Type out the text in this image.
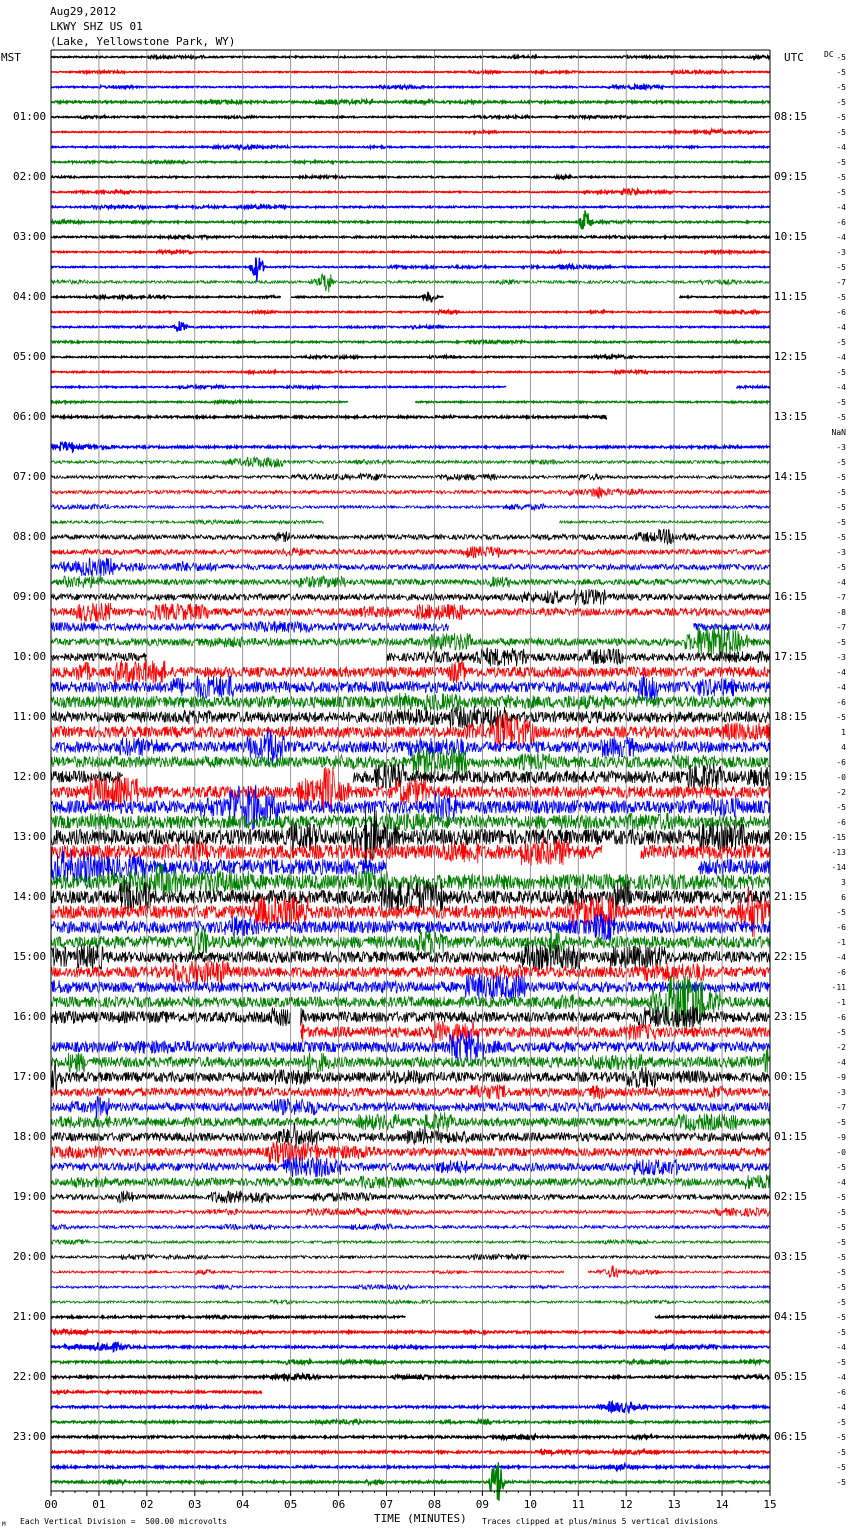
Aug29,2012
LKWY SHZ US 01
(Lake, Yellowstone Park, WY)
MST	UTC	DC
01:00
02:00
03:00
04:00
05:00
06:00
07:00
08:00
09:00
10:00
11:00
12:00
13:00
14:00
15:00
16:00
17:00
18:00
19:00
20:00
21:00
22:00
23:00
08:15
09:15
10:15
11:15
12:15
13:15
14:15
15:15
16:15
17:15
18:15
19:15
20:15
21:15
22:15
23:15
00:15
01:15
02:15
03:15
04:15
05:15
06:15
-5
-5
-5
-5
-5
-5
-4
-5
-5
-5
-4
-6
-4
-3
-5
-7
-5
-6
-4
-5
-4
-5
-4
-5
-5
NaN
-3
-5
-5
-5
-5
-5
-5
-3
-5
-4
-7
-8
-7
-5
-3
-4
-4
-6
-5
1
4
-6
-0
-2
-5
-6
-15
-13
-14
3
6
-5
-6
-1
-4
-6
-11
-1
-6
-5
-2
-4
-9
-3
-7
-5
-9
-0
-5
-4
-5
-5
-5
-5
-5
-5
-5
-5
-5
-5
-4
-5
-4
-6
-4
-5
-5
-5
-5
-5
00	01	02	03	04	05	06	07	08	09	10	11	12	13	14	15
M Each Vertical Division =  500.00 microvolts	TIME (MINUTES) Traces clipped at plus/minus 5 vertical divisions
